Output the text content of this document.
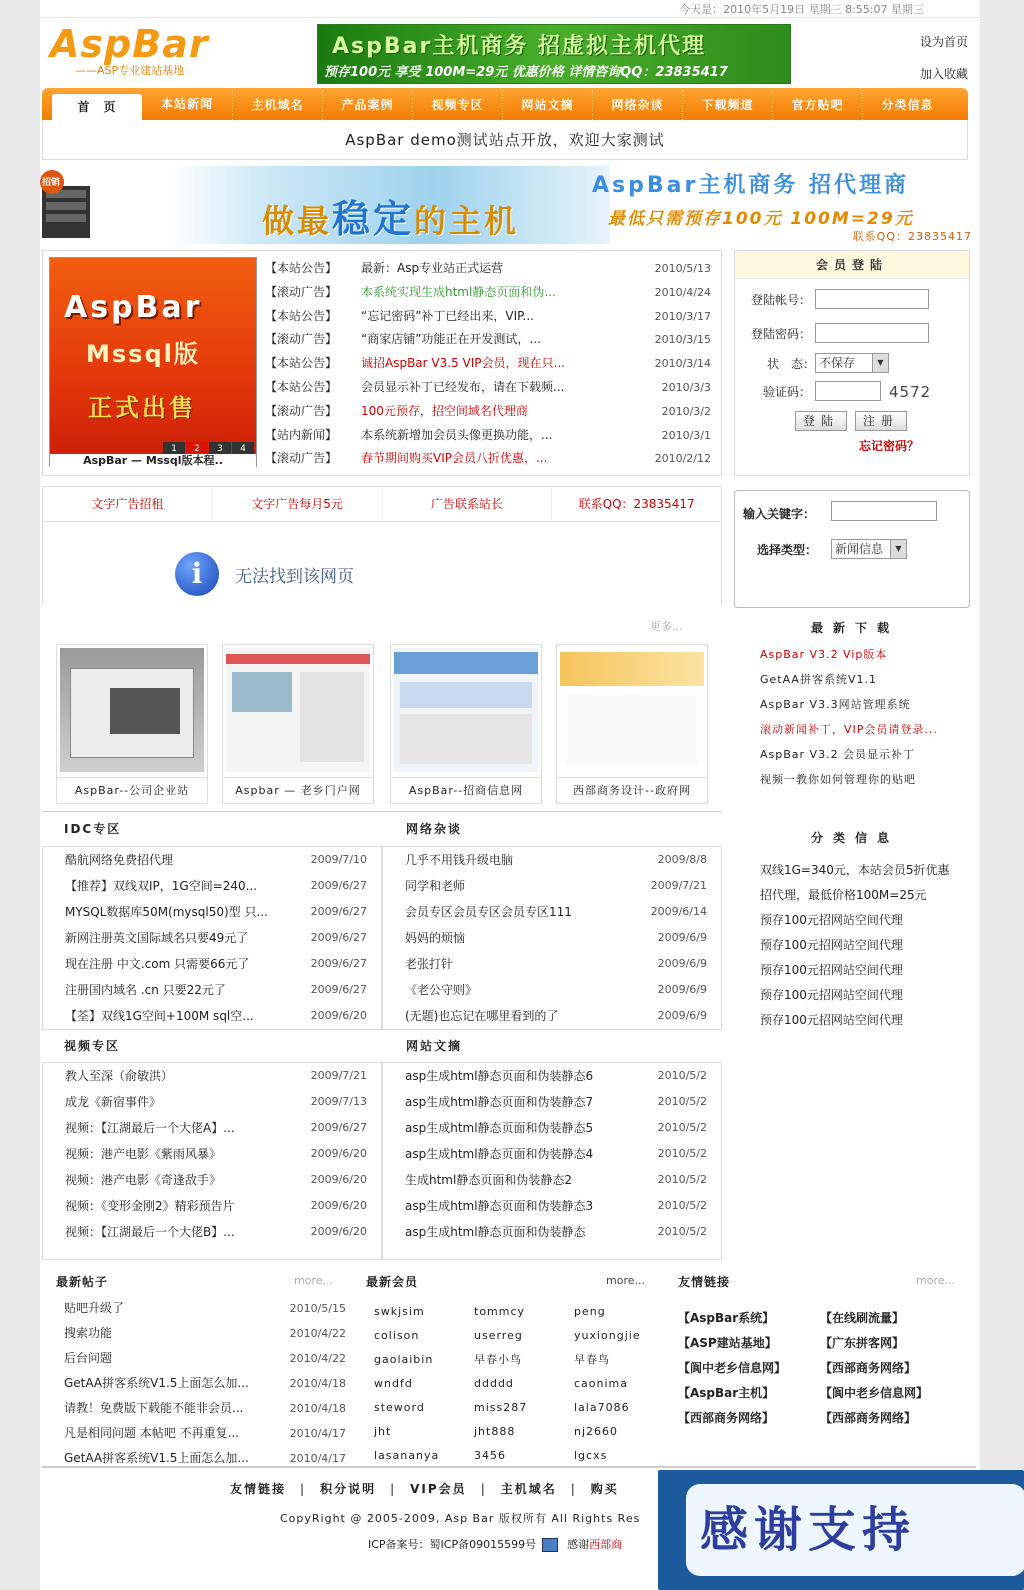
今天是：2010年5月19日 星期三 8:55:07 星期三
AspBar
——ASP专业建站基地
AspBar主机商务 招虚拟主机代理
预存100元 享受 100M=29元 优惠价格 详情咨询QQ：23835417
设为首页
加入收藏
首　页	本站新闻	主机域名	产品案例	视频专区	网站文摘	网络杂谈	下载频道	官方贴吧	分类信息
AspBar demo测试站点开放，欢迎大家测试
招销
做最稳定的主机
AspBar主机商务 招代理商
最低只需预存100元 100M=29元
联系QQ：23835417
AspBar
Mssql版
正式出售
1	2	3	4
AspBar — Mssql版本程..
【本站公告】 最新：Asp专业站正式运营	2010/5/13
【滚动广告】 本系统实现生成html静态页面和伪...	2010/4/24
【本站公告】 “忘记密码”补丁已经出来，VIP...	2010/3/17
【滚动广告】 “商家店铺”功能正在开发测试，...	2010/3/15
【本站公告】 诚招AspBar V3.5 VIP会员，现在只...	2010/3/14
【本站公告】 会员显示补丁已经发布，请在下载频...	2010/3/3
【滚动广告】 100元预存，招空间域名代理商	2010/3/2
【站内新闻】 本系统新增加会员头像更换功能，...	2010/3/1
【滚动广告】 春节期间购买VIP会员八折优惠，...	2010/2/12
会员登陆
登陆帐号：
登陆密码：
状　态： 不保存	▼
验证码：	4572
登陆	注册
忘记密码？
文字广告招租	文字广告每月5元	广告联系站长	联系QQ：23835417
i	无法找到该网页
输入关键字：
选择类型：	新闻信息	▼
更多...
AspBar--公司企业站	Aspbar — 老乡门户网	AspBar--招商信息网	西部商务设计--政府网
最新下载
AspBar V3.2 Vip版本
GetAA拼客系统V1.1
AspBar V3.3网站管理系统
滚动新闻补丁，VIP会员请登录...
AspBar V3.2 会员显示补丁
视频一教你如何管理你的贴吧
IDC专区	网络杂谈
酷航网络免费招代理	2009/7/10
【推荐】双线双IP，1G空间=240...	2009/6/27
MYSQL数据库50M(mysql50)型 只...	2009/6/27
新网注册英文国际域名只要49元了	2009/6/27
现在注册 中文.com 只需要66元了	2009/6/27
注册国内域名 .cn 只要22元了	2009/6/27
【荃】双线1G空间+100M sql空...	2009/6/20
几乎不用钱升级电脑	2009/8/8
同学和老师	2009/7/21
会员专区会员专区会员专区111	2009/6/14
妈妈的烦恼	2009/6/9
老张打针	2009/6/9
《老公守则》	2009/6/9
(无题)也忘记在哪里看到的了	2009/6/9
视频专区	网站文摘
教人至深（俞敏洪）	2009/7/21
成龙《新宿事件》	2009/7/13
视频：【江湖最后一个大佬A】...	2009/6/27
视频：港产电影《紫雨风暴》	2009/6/20
视频：港产电影《奇逢敌手》	2009/6/20
视频：《变形金刚2》精彩预告片	2009/6/20
视频：【江湖最后一个大佬B】...	2009/6/20
asp生成html静态页面和伪装静态6	2010/5/2
asp生成html静态页面和伪装静态7	2010/5/2
asp生成html静态页面和伪装静态5	2010/5/2
asp生成html静态页面和伪装静态4	2010/5/2
生成html静态页面和伪装静态2	2010/5/2
asp生成html静态页面和伪装静态3	2010/5/2
asp生成html静态页面和伪装静态	2010/5/2
分类信息
双线1G=340元，本站会员5折优惠
招代理，最低价格100M=25元
预存100元招网站空间代理
预存100元招网站空间代理
预存100元招网站空间代理
预存100元招网站空间代理
预存100元招网站空间代理
最新帖子	more...
贴吧升级了	2010/5/15
搜索功能	2010/4/22
后台问题	2010/4/22
GetAA拼客系统V1.5上面怎么加...	2010/4/18
请教！免费版下载能不能非会员...	2010/4/18
凡是相同问题 本帖吧 不再重复...	2010/4/17
GetAA拼客系统V1.5上面怎么加...	2010/4/17
最新会员	more...
swkjsim	tommcy	peng
colison	userreg	yuxiongjie
gaolaibin	早春小鸟	早春鸟
wndfd	ddddd	caonima
steword	miss287	lala7086
jht	jht888	nj2660
lasananya	3456	lgcxs
友情链接	more...
【AspBar系统】	【在线刷流量】
【ASP建站基地】	【广东拼客网】
【阆中老乡信息网】	【西部商务网络】
【AspBar主机】	【阆中老乡信息网】
【西部商务网络】	【西部商务网络】
友情链接 | 积分说明 | VIP会员 | 主机域名 | 购买
CopyRight @ 2005-2009, Asp Bar 版权所有 All Rights Res
ICP备案号：蜀ICP备09015599号	感谢西部商 感谢支持
